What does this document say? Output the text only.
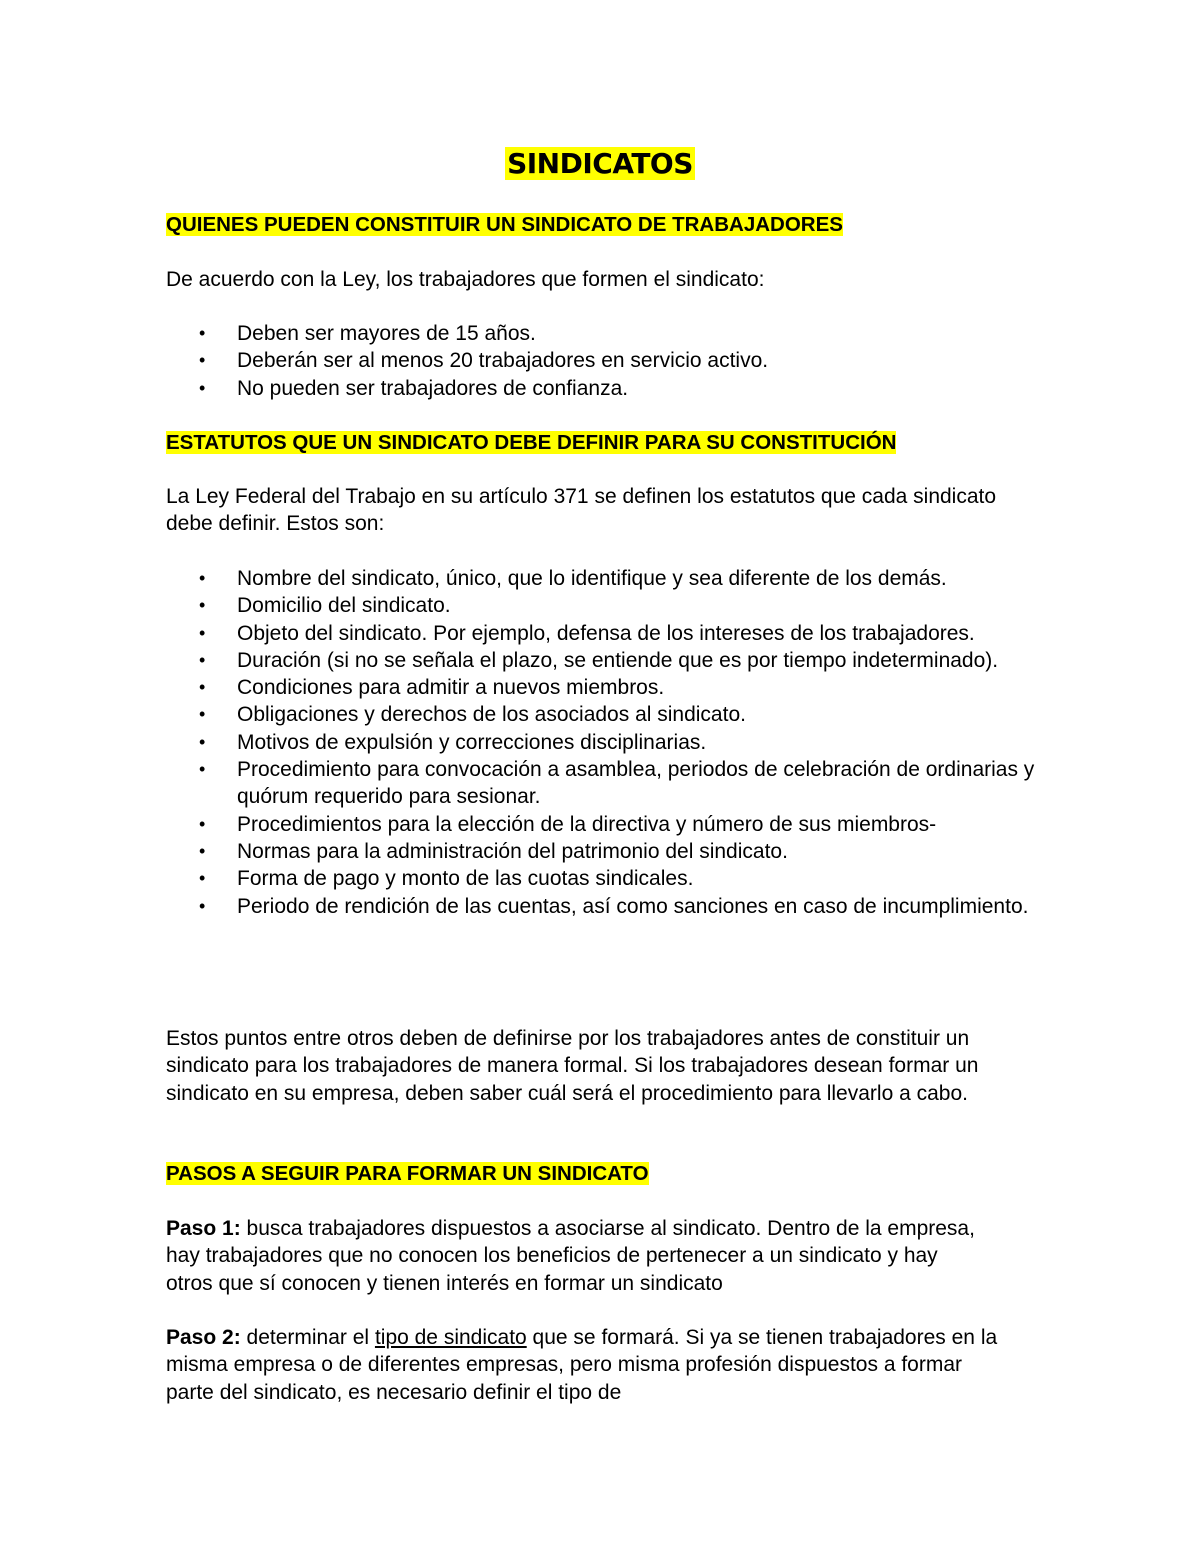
SINDICATOS
QUIENES PUEDEN CONSTITUIR UN SINDICATO DE TRABAJADORES

De acuerdo con la Ley, los trabajadores que formen el sindicato:

• Deben ser mayores de 15 años.
• Deberán ser al menos 20 trabajadores en servicio activo.
• No pueden ser trabajadores de confianza.
ESTATUTOS QUE UN SINDICATO DEBE DEFINIR PARA SU CONSTITUCIÓN

La Ley Federal del Trabajo en su artículo 371 se definen los estatutos que cada sindicato debe definir. Estos son:

• Nombre del sindicato, único, que lo identifique y sea diferente de los demás.
• Domicilio del sindicato.
• Objeto del sindicato. Por ejemplo, defensa de los intereses de los trabajadores.
• Duración (si no se señala el plazo, se entiende que es por tiempo indeterminado).
• Condiciones para admitir a nuevos miembros.
• Obligaciones y derechos de los asociados al sindicato.
• Motivos de expulsión y correcciones disciplinarias.
• Procedimiento para convocación a asamblea, periodos de celebración de ordinarias y quórum requerido para sesionar.
• Procedimientos para la elección de la directiva y número de sus miembros-
• Normas para la administración del patrimonio del sindicato.
• Forma de pago y monto de las cuotas sindicales.
• Periodo de rendición de las cuentas, así como sanciones en caso de incumplimiento.

Estos puntos entre otros deben de definirse por los trabajadores antes de constituir un sindicato para los trabajadores de manera formal. Si los trabajadores desean formar un sindicato en su empresa, deben saber cuál será el procedimiento para llevarlo a cabo.

PASOS A SEGUIR PARA FORMAR UN SINDICATO

Paso 1: busca trabajadores dispuestos a asociarse al sindicato. Dentro de la empresa, hay trabajadores que no conocen los beneficios de pertenecer a un sindicato y hay otros que sí conocen y tienen interés en formar un sindicato

Paso 2: determinar el tipo de sindicato que se formará. Si ya se tienen trabajadores en la misma empresa o de diferentes empresas, pero misma profesión dispuestos a formar parte del sindicato, es necesario definir el tipo de
